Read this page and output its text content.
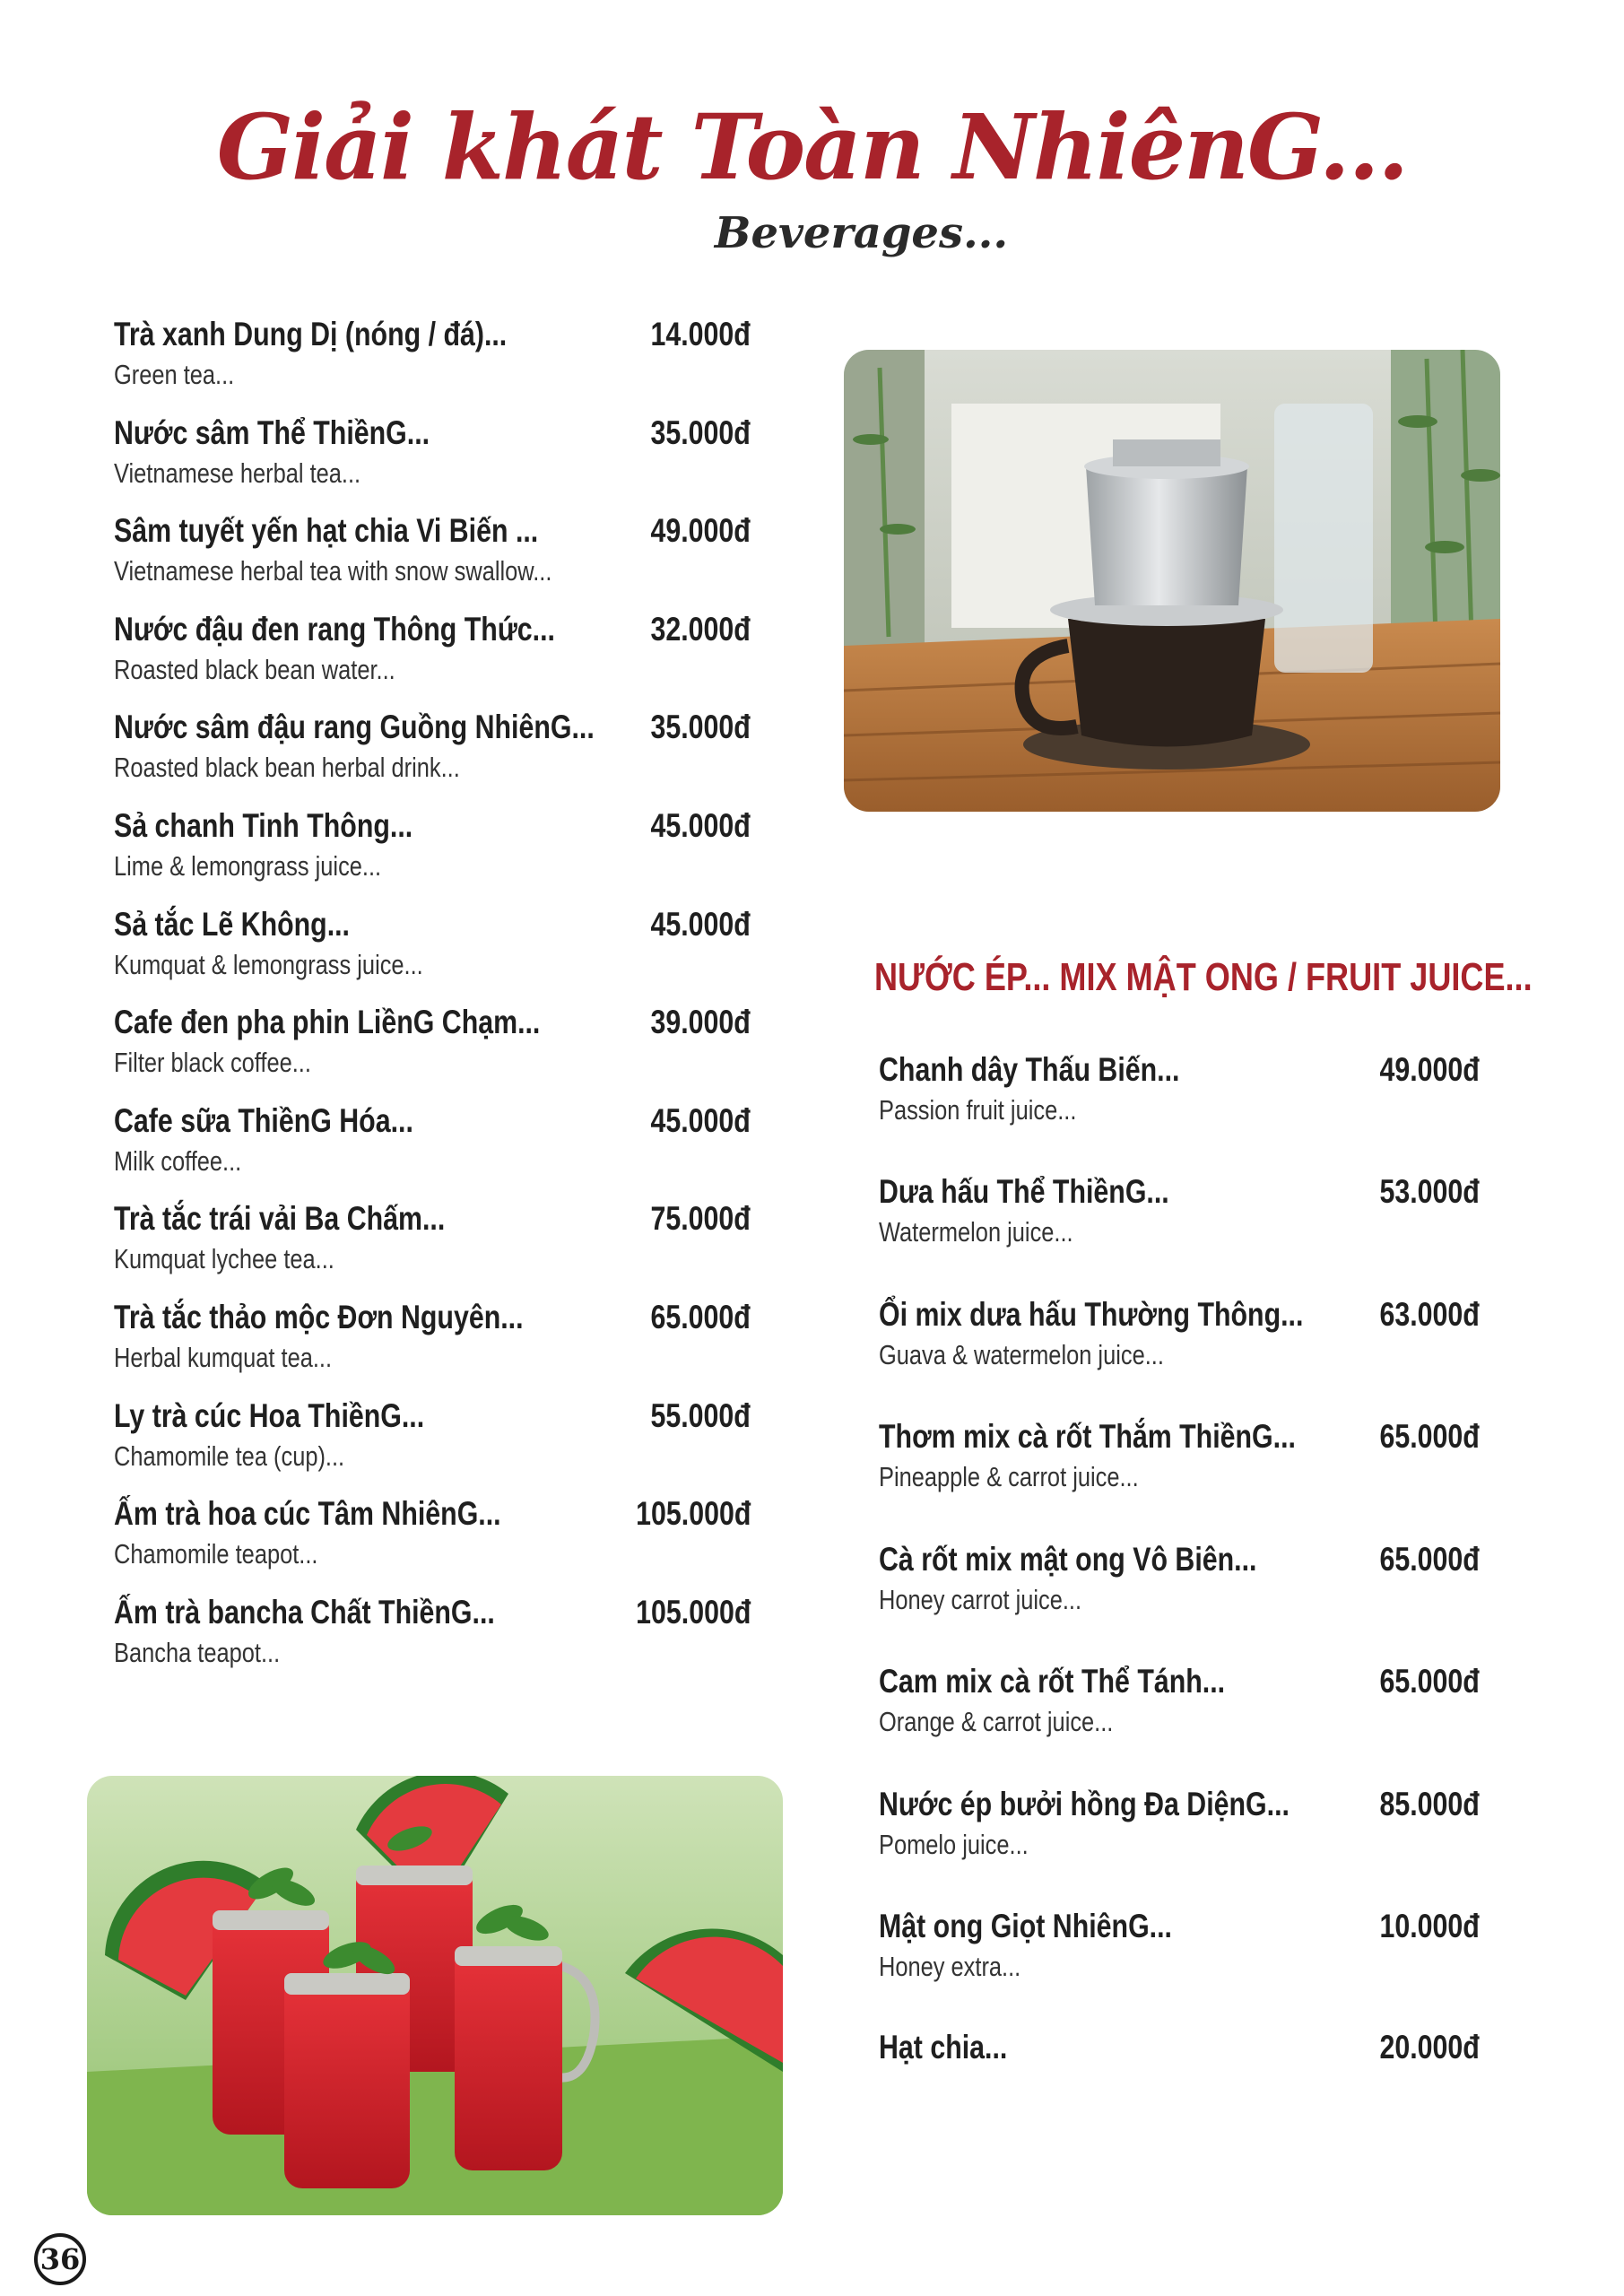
Giải khát Toàn NhiênG...
Beverages...
Trà xanh Dung Dị (nóng / đá)...
Green tea...
14.000đ
Nước sâm Thể ThiềnG...
Vietnamese herbal tea...
35.000đ
Sâm tuyết yến hạt chia Vi Biến ...
Vietnamese herbal tea with snow swallow...
49.000đ
Nước đậu đen rang Thông Thức...
Roasted black bean water...
32.000đ
Nước sâm đậu rang Guồng NhiênG...
Roasted black bean herbal drink...
35.000đ
Sả chanh Tinh Thông...
Lime & lemongrass juice...
45.000đ
Sả tắc Lẽ Không...
Kumquat & lemongrass juice...
45.000đ
Cafe đen pha phin LiềnG Chạm...
Filter black coffee...
39.000đ
Cafe sữa ThiềnG Hóa...
Milk coffee...
45.000đ
Trà tắc trái vải Ba Chấm...
Kumquat lychee tea...
75.000đ
Trà tắc thảo mộc Đơn Nguyên...
Herbal kumquat tea...
65.000đ
Ly trà cúc Hoa ThiềnG...
Chamomile tea (cup)...
55.000đ
Ấm trà hoa cúc Tâm NhiênG...
Chamomile teapot...
105.000đ
Ấm trà bancha Chất ThiềnG...
Bancha teapot...
105.000đ
NƯỚC ÉP... MIX MẬT ONG / FRUIT JUICE...
Chanh dây Thấu Biến...
Passion fruit juice...
49.000đ
Dưa hấu Thể ThiềnG...
Watermelon juice...
53.000đ
Ổi mix dưa hấu Thường Thông...
Guava & watermelon juice...
63.000đ
Thơm mix cà rốt Thắm ThiềnG...
Pineapple & carrot juice...
65.000đ
Cà rốt mix mật ong Vô Biên...
Honey carrot juice...
65.000đ
Cam mix cà rốt Thể Tánh...
Orange & carrot juice...
65.000đ
Nước ép bưởi hồng Đa DiệnG...
Pomelo juice...
85.000đ
Mật ong Giọt NhiênG...
Honey extra...
10.000đ
Hạt chia...	20.000đ
36
